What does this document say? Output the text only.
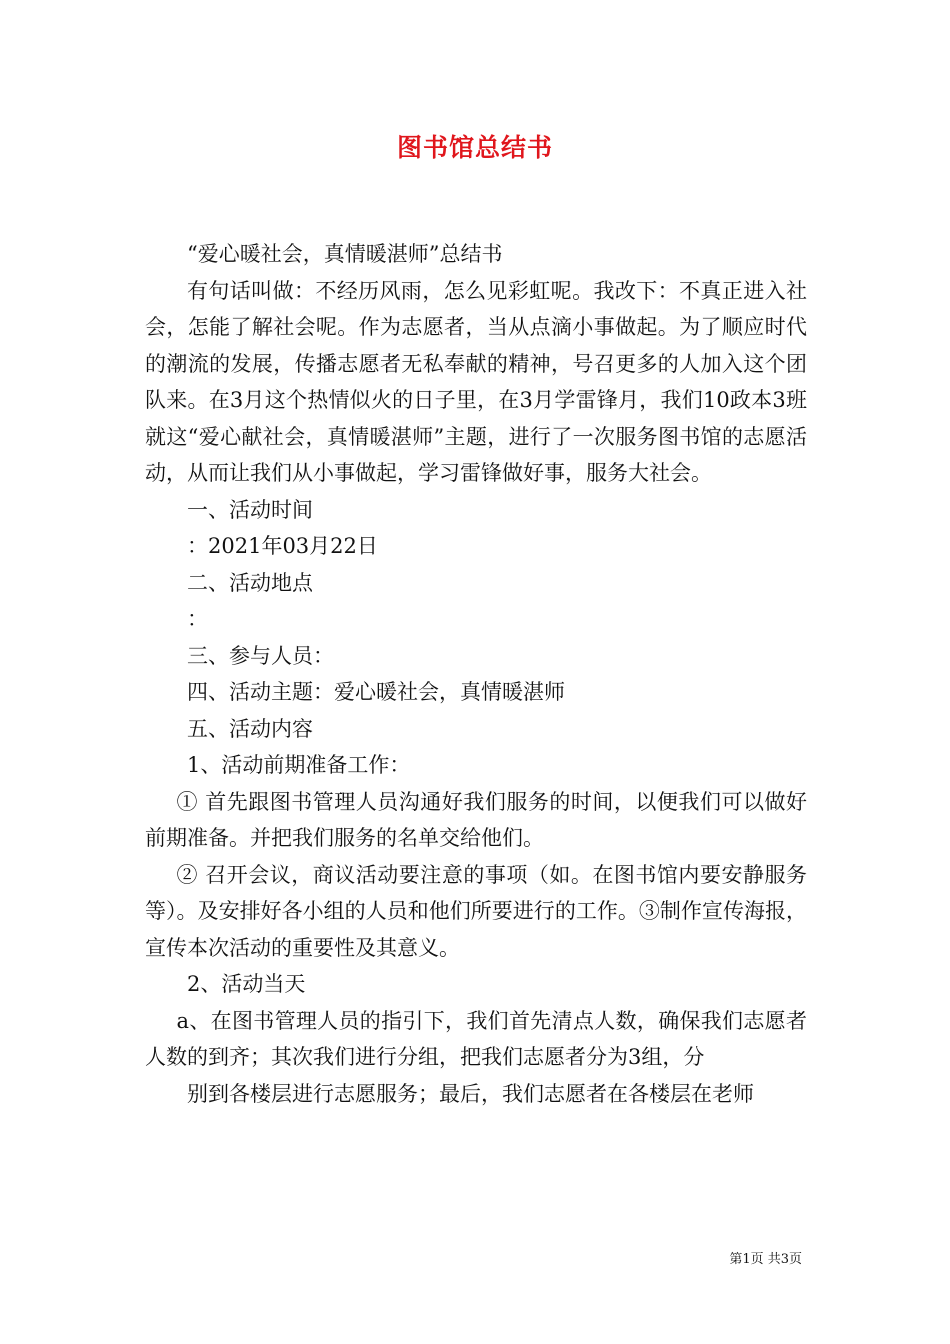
图书馆总结书

“爱心暖社会，真情暖湛师”总结书

有句话叫做：不经历风雨，怎么见彩虹呢。我改下：不真正进入社会，怎能了解社会呢。作为志愿者，当从点滴小事做起。为了顺应时代的潮流的发展，传播志愿者无私奉献的精神，号召更多的人加入这个团队来。在3月这个热情似火的日子里，在3月学雷锋月，我们10政本3班就这“爱心献社会，真情暖湛师”主题，进行了一次服务图书馆的志愿活动，从而让我们从小事做起，学习雷锋做好事，服务大社会。

一、活动时间

：2021年03月22日

二、活动地点

：

三、参与人员：

四、活动主题：爱心暖社会，真情暖湛师

五、活动内容

1、活动前期准备工作：

① 首先跟图书管理人员沟通好我们服务的时间，以便我们可以做好前期准备。并把我们服务的名单交给他们。

② 召开会议，商议活动要注意的事项（如。在图书馆内要安静服务等）。及安排好各小组的人员和他们所要进行的工作。③制作宣传海报，宣传本次活动的重要性及其意义。

2、活动当天

a、在图书管理人员的指引下，我们首先清点人数，确保我们志愿者人数的到齐；其次我们进行分组，把我们志愿者分为3组，分

别到各楼层进行志愿服务；最后，我们志愿者在各楼层在老师

第1页 共3页
